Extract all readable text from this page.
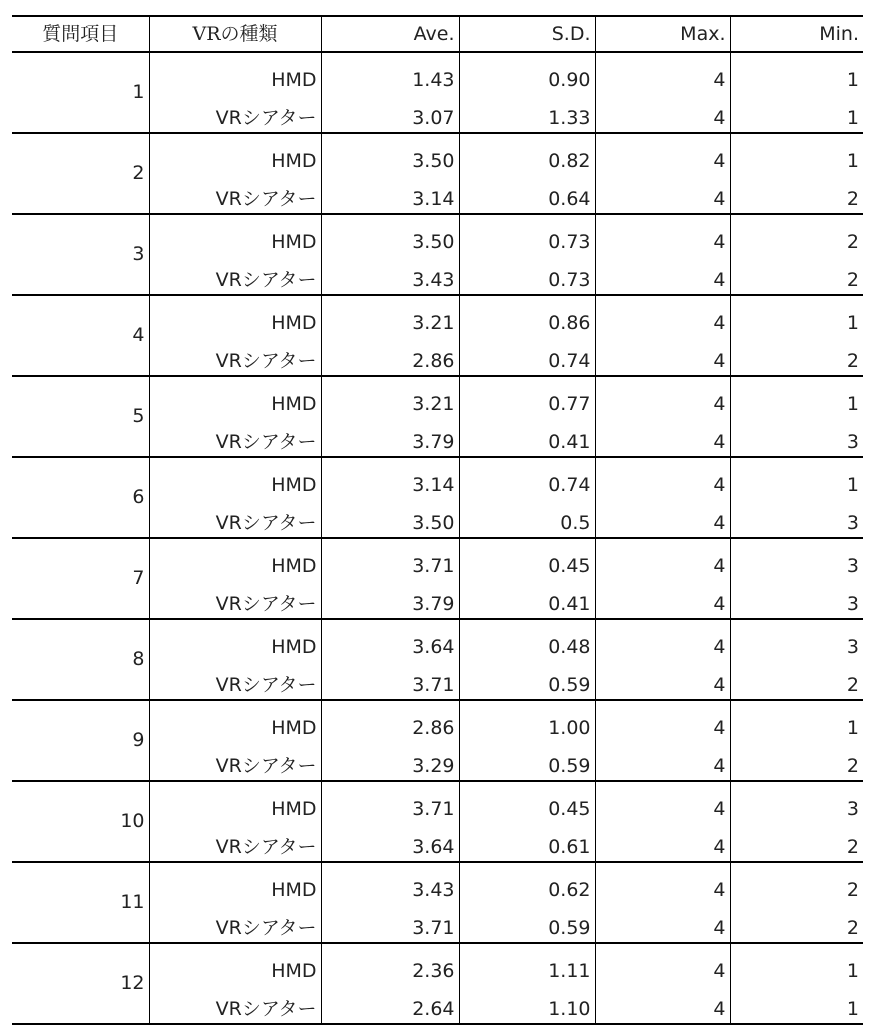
質問項目	VRの種類	Ave.	S.D.	Max.	Min.
1	HMD	1.43	0.90	4	1
	VRシアター	3.07	1.33	4	1
2	HMD	3.50	0.82	4	1
	VRシアター	3.14	0.64	4	2
3	HMD	3.50	0.73	4	2
	VRシアター	3.43	0.73	4	2
4	HMD	3.21	0.86	4	1
	VRシアター	2.86	0.74	4	2
5	HMD	3.21	0.77	4	1
	VRシアター	3.79	0.41	4	3
6	HMD	3.14	0.74	4	1
	VRシアター	3.50	0.5	4	3
7	HMD	3.71	0.45	4	3
	VRシアター	3.79	0.41	4	3
8	HMD	3.64	0.48	4	3
	VRシアター	3.71	0.59	4	2
9	HMD	2.86	1.00	4	1
	VRシアター	3.29	0.59	4	2
10	HMD	3.71	0.45	4	3
	VRシアター	3.64	0.61	4	2
11	HMD	3.43	0.62	4	2
	VRシアター	3.71	0.59	4	2
12	HMD	2.36	1.11	4	1
	VRシアター	2.64	1.10	4	1
